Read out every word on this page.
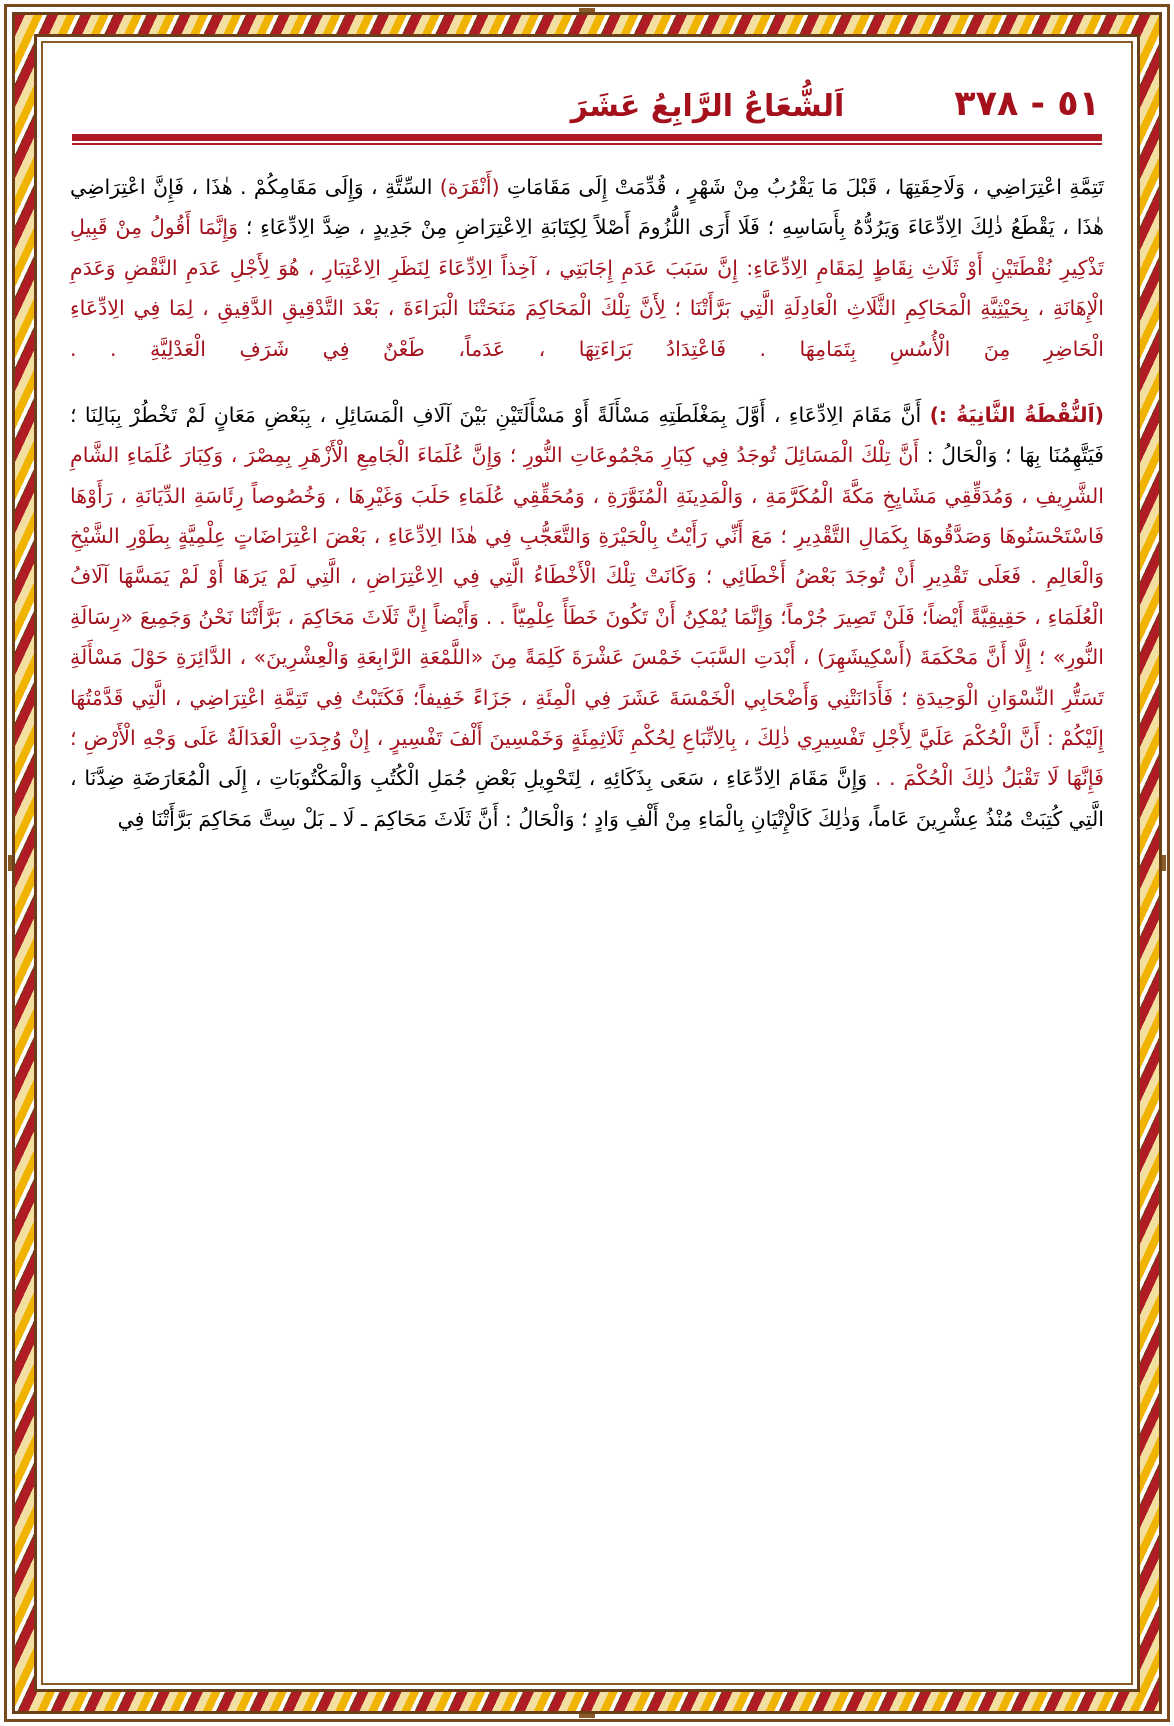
٥١ - ٣٧٨
اَلشُّعَاعُ الرَّابِعُ عَشَرَ

تَتِمَّةِ اعْتِرَاضِي ، وَلَاحِقَتِهَا ، قَبْلَ مَا يَقْرُبُ مِنْ شَهْرٍ ، قُدِّمَتْ إِلَى مَقَامَاتِ (أَنْقَرَة) السِّتَّةِ ، وَإِلَى مَقَامِكُمْ . هٰذَا ، فَإِنَّ اعْتِرَاضِي هٰذَا ، يَقْطَعُ ذٰلِكَ الِادِّعَاءَ وَيَرُدُّهُ بِأَسَاسِهِ ؛ فَلَا أَرَى اللُّزُومَ أَصْلاً لِكِتَابَةِ الِاعْتِرَاضِ مِنْ جَدِيدٍ ، ضِدَّ الِادِّعَاءِ ؛ وَإِنَّمَا أَقُولُ مِنْ قَبِيلِ تَذْكِيرِ نُقْطَتَيْنِ أَوْ ثَلَاثِ نِقَاطٍ لِمَقَامِ الِادِّعَاءِ: إِنَّ سَبَبَ عَدَمِ إِجَابَتِي ، آخِذاً الِادِّعَاءَ لِنَظَرِ الِاعْتِبَارِ ، هُوَ لِأَجْلِ عَدَمِ النَّقْضِ وَعَدَمِ الْإِهَانَةِ ، بِحَيْثِيَّةِ الْمَحَاكِمِ الثَّلَاثِ الْعَادِلَةِ الَّتِي بَرَّأَتْنَا ؛ لِأَنَّ تِلْكَ الْمَحَاكِمَ مَنَحَتْنَا الْبَرَاءَةَ ، بَعْدَ التَّدْقِيقِ الدَّقِيقِ ، لِمَا فِي الِادِّعَاءِ الْحَاضِرِ مِنَ الْأُسُسِ بِتَمَامِهَا . فَاعْتِدَادُ بَرَاءَتِهَا ، عَدَماً، طَعْنٌ فِي شَرَفِ الْعَدْلِيَّةِ . .

(اَلنُّقْطَةُ الثَّانِيَةُ :) أَنَّ مَقَامَ الِادِّعَاءِ ، أَوَّلَ بِمَغْلَطَتِهِ مَسْأَلَةً أَوْ مَسْأَلَتَيْنِ بَيْنَ آلَافِ الْمَسَائِلِ ، بِبَعْضِ مَعَانٍ لَمْ تَخْطُرْ بِبَالِنَا ؛ فَيَتَّهِمُنَا بِهَا ؛ وَالْحَالُ : أَنَّ تِلْكَ الْمَسَائِلَ تُوجَدُ فِي كِبَارِ مَجْمُوعَاتِ النُّورِ ؛ وَإِنَّ عُلَمَاءَ الْجَامِعِ الْأَزْهَرِ بِمِصْرَ ، وَكِبَارَ عُلَمَاءِ الشَّامِ الشَّرِيفِ ، وَمُدَقِّقِي مَشَايِخِ مَكَّةَ الْمُكَرَّمَةِ ، وَالْمَدِينَةِ الْمُنَوَّرَةِ ، وَمُحَقِّقِي عُلَمَاءِ حَلَبَ وَغَيْرِهَا ، وَخُصُوصاً رِئَاسَةِ الدِّيَانَةِ ، رَأَوْهَا فَاسْتَحْسَنُوهَا وَصَدَّقُوهَا بِكَمَالِ التَّقْدِيرِ ؛ مَعَ أَنِّي رَأَيْتُ بِالْحَيْرَةِ وَالتَّعَجُّبِ فِي هٰذَا الِادِّعَاءِ ، بَعْضَ اعْتِرَاضَاتٍ عِلْمِيَّةٍ بِطَوْرِ الشَّيْخِ وَالْعَالِمِ . فَعَلَى تَقْدِيرِ أَنْ تُوجَدَ بَعْضُ أَخْطَائِي ؛ وَكَانَتْ تِلْكَ الْأَخْطَاءُ الَّتِي فِي الِاعْتِرَاضِ ، الَّتِي لَمْ يَرَهَا أَوْ لَمْ يَمَسَّهَا آلَافُ الْعُلَمَاءِ ، حَقِيقِيَّةً أَيْضاً؛ فَلَنْ تَصِيرَ جُرْماً؛ وَإِنَّمَا يُمْكِنُ أَنْ تَكُونَ خَطَأً عِلْمِيّاً . . وَأَيْضاً إِنَّ ثَلَاثَ مَحَاكِمَ ، بَرَّأَتْنَا نَحْنُ وَجَمِيعَ «رِسَالَةِ النُّورِ» ؛ إِلَّا أَنَّ مَحْكَمَةَ (أَسْكِيشَهِرَ) ، أَبْدَتِ السَّبَبَ خَمْسَ عَشْرَةَ كَلِمَةً مِنَ «اللَّمْعَةِ الرَّابِعَةِ وَالْعِشْرِينَ» ، الدَّائِرَةِ حَوْلَ مَسْأَلَةِ تَسَتُّرِ النِّسْوَانِ الْوَحِيدَةِ ؛ فَأَدَانَتْنِي وَأَضْحَابِي الْخَمْسَةَ عَشَرَ فِي الْمِئَةِ ، جَزَاءً خَفِيفاً؛ فَكَتَبْتُ فِي تَتِمَّةِ اعْتِرَاضِي ، الَّتِي قَدَّمْتُهَا إِلَيْكُمْ : أَنَّ الْحُكْمَ عَلَيَّ لِأَجْلِ تَفْسِيرِي ذٰلِكَ ، بِالِاتِّبَاعِ لِحُكْمِ ثَلَاثِمِئَةٍ وَخَمْسِينَ أَلْفَ تَفْسِيرٍ ، إِنْ وُجِدَتِ الْعَدَالَةُ عَلَى وَجْهِ الْأَرْضِ ؛ فَإِنَّهَا لَا تَقْبَلُ ذٰلِكَ الْحُكْمَ . . وَإِنَّ مَقَامَ الِادِّعَاءِ ، سَعَى بِذَكَائِهِ ، لِتَحْوِيلِ بَعْضِ جُمَلِ الْكُتُبِ وَالْمَكْتُوبَاتِ ، إِلَى الْمُعَارَضَةِ ضِدَّنَا ، الَّتِي كُتِبَتْ مُنْذُ عِشْرِينَ عَاماً، وَذٰلِكَ كَالْإِتْيَانِ بِالْمَاءِ مِنْ أَلْفِ وَادٍ ؛ وَالْحَالُ : أَنَّ ثَلَاثَ مَحَاكِمَ ـ لَا ـ بَلْ سِتَّ مَحَاكِمَ بَرَّأَتْنَا فِي
